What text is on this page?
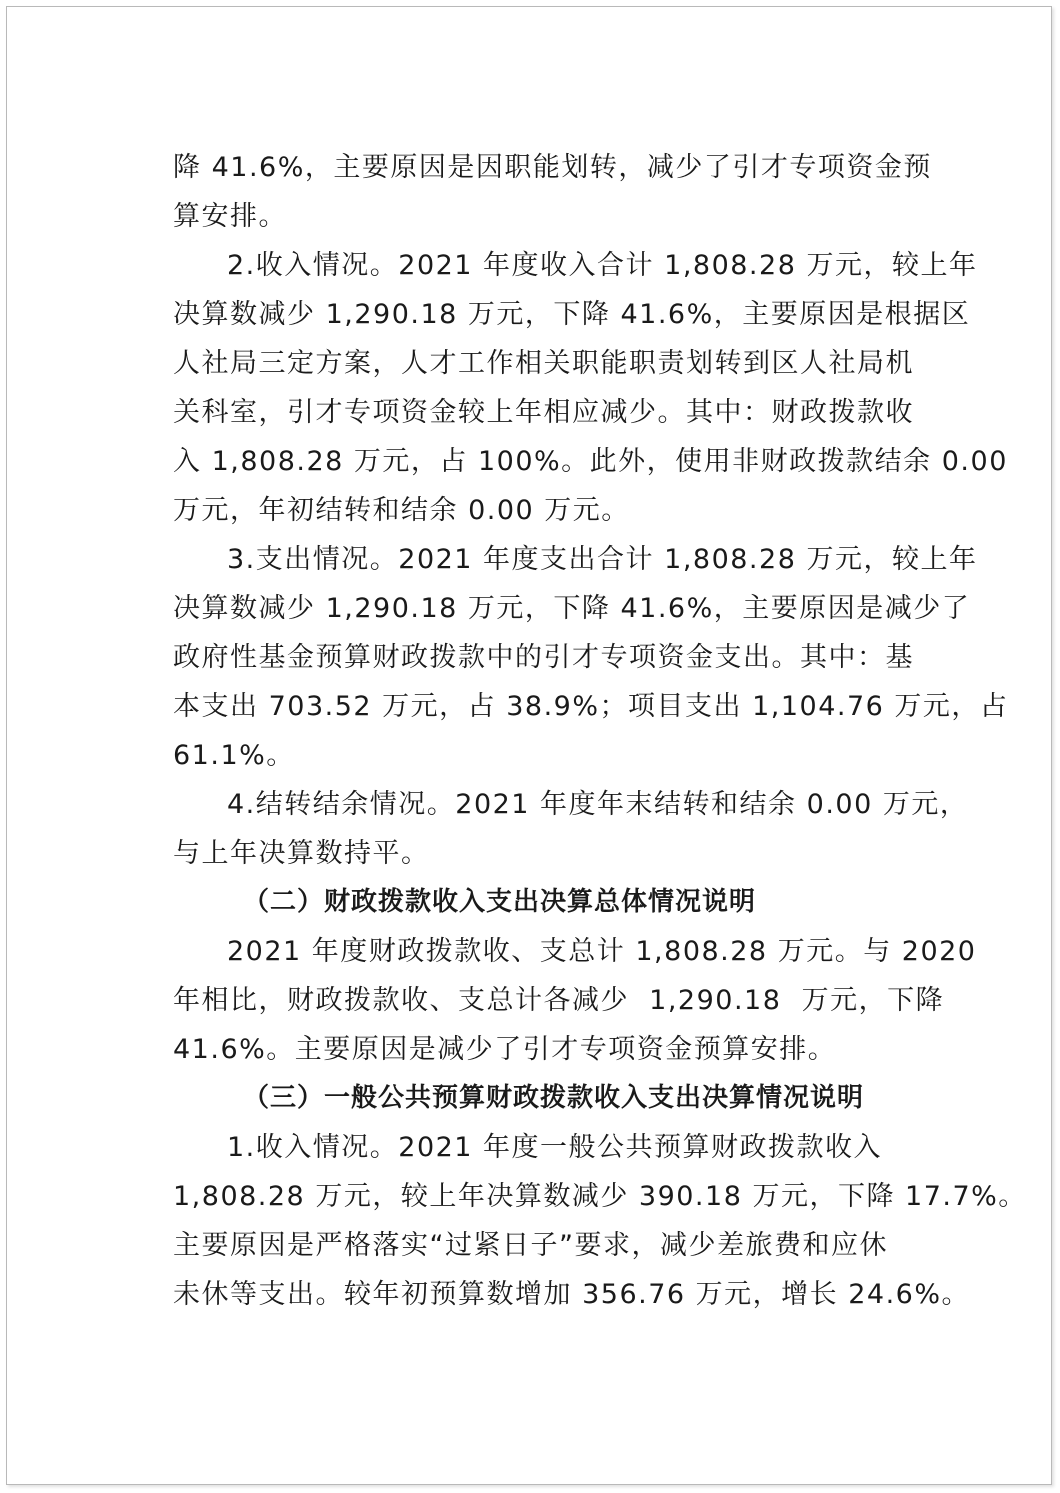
降 41.6%，主要原因是因职能划转，减少了引才专项资金预
算安排。

2.收入情况。2021 年度收入合计 1,808.28 万元，较上年
决算数减少 1,290.18 万元，下降 41.6%，主要原因是根据区
人社局三定方案，人才工作相关职能职责划转到区人社局机
关科室，引才专项资金较上年相应减少。其中：财政拨款收
入 1,808.28 万元，占 100%。此外，使用非财政拨款结余 0.00
万元，年初结转和结余 0.00 万元。

3.支出情况。2021 年度支出合计 1,808.28 万元，较上年
决算数减少 1,290.18 万元，下降 41.6%，主要原因是减少了
政府性基金预算财政拨款中的引才专项资金支出。其中：基
本支出 703.52 万元，占 38.9%；项目支出 1,104.76 万元，占
61.1%。

4.结转结余情况。2021 年度年末结转和结余 0.00 万元，
与上年决算数持平。

（二）财政拨款收入支出决算总体情况说明

2021 年度财政拨款收、支总计 1,808.28 万元。与 2020
年相比，财政拨款收、支总计各减少  1,290.18  万元，下降
41.6%。主要原因是减少了引才专项资金预算安排。

（三）一般公共预算财政拨款收入支出决算情况说明

1.收入情况。2021 年度一般公共预算财政拨款收入
1,808.28 万元，较上年决算数减少 390.18 万元，下降 17.7%。
主要原因是严格落实“过紧日子”要求，减少差旅费和应休
未休等支出。较年初预算数增加 356.76 万元，增长 24.6%。
